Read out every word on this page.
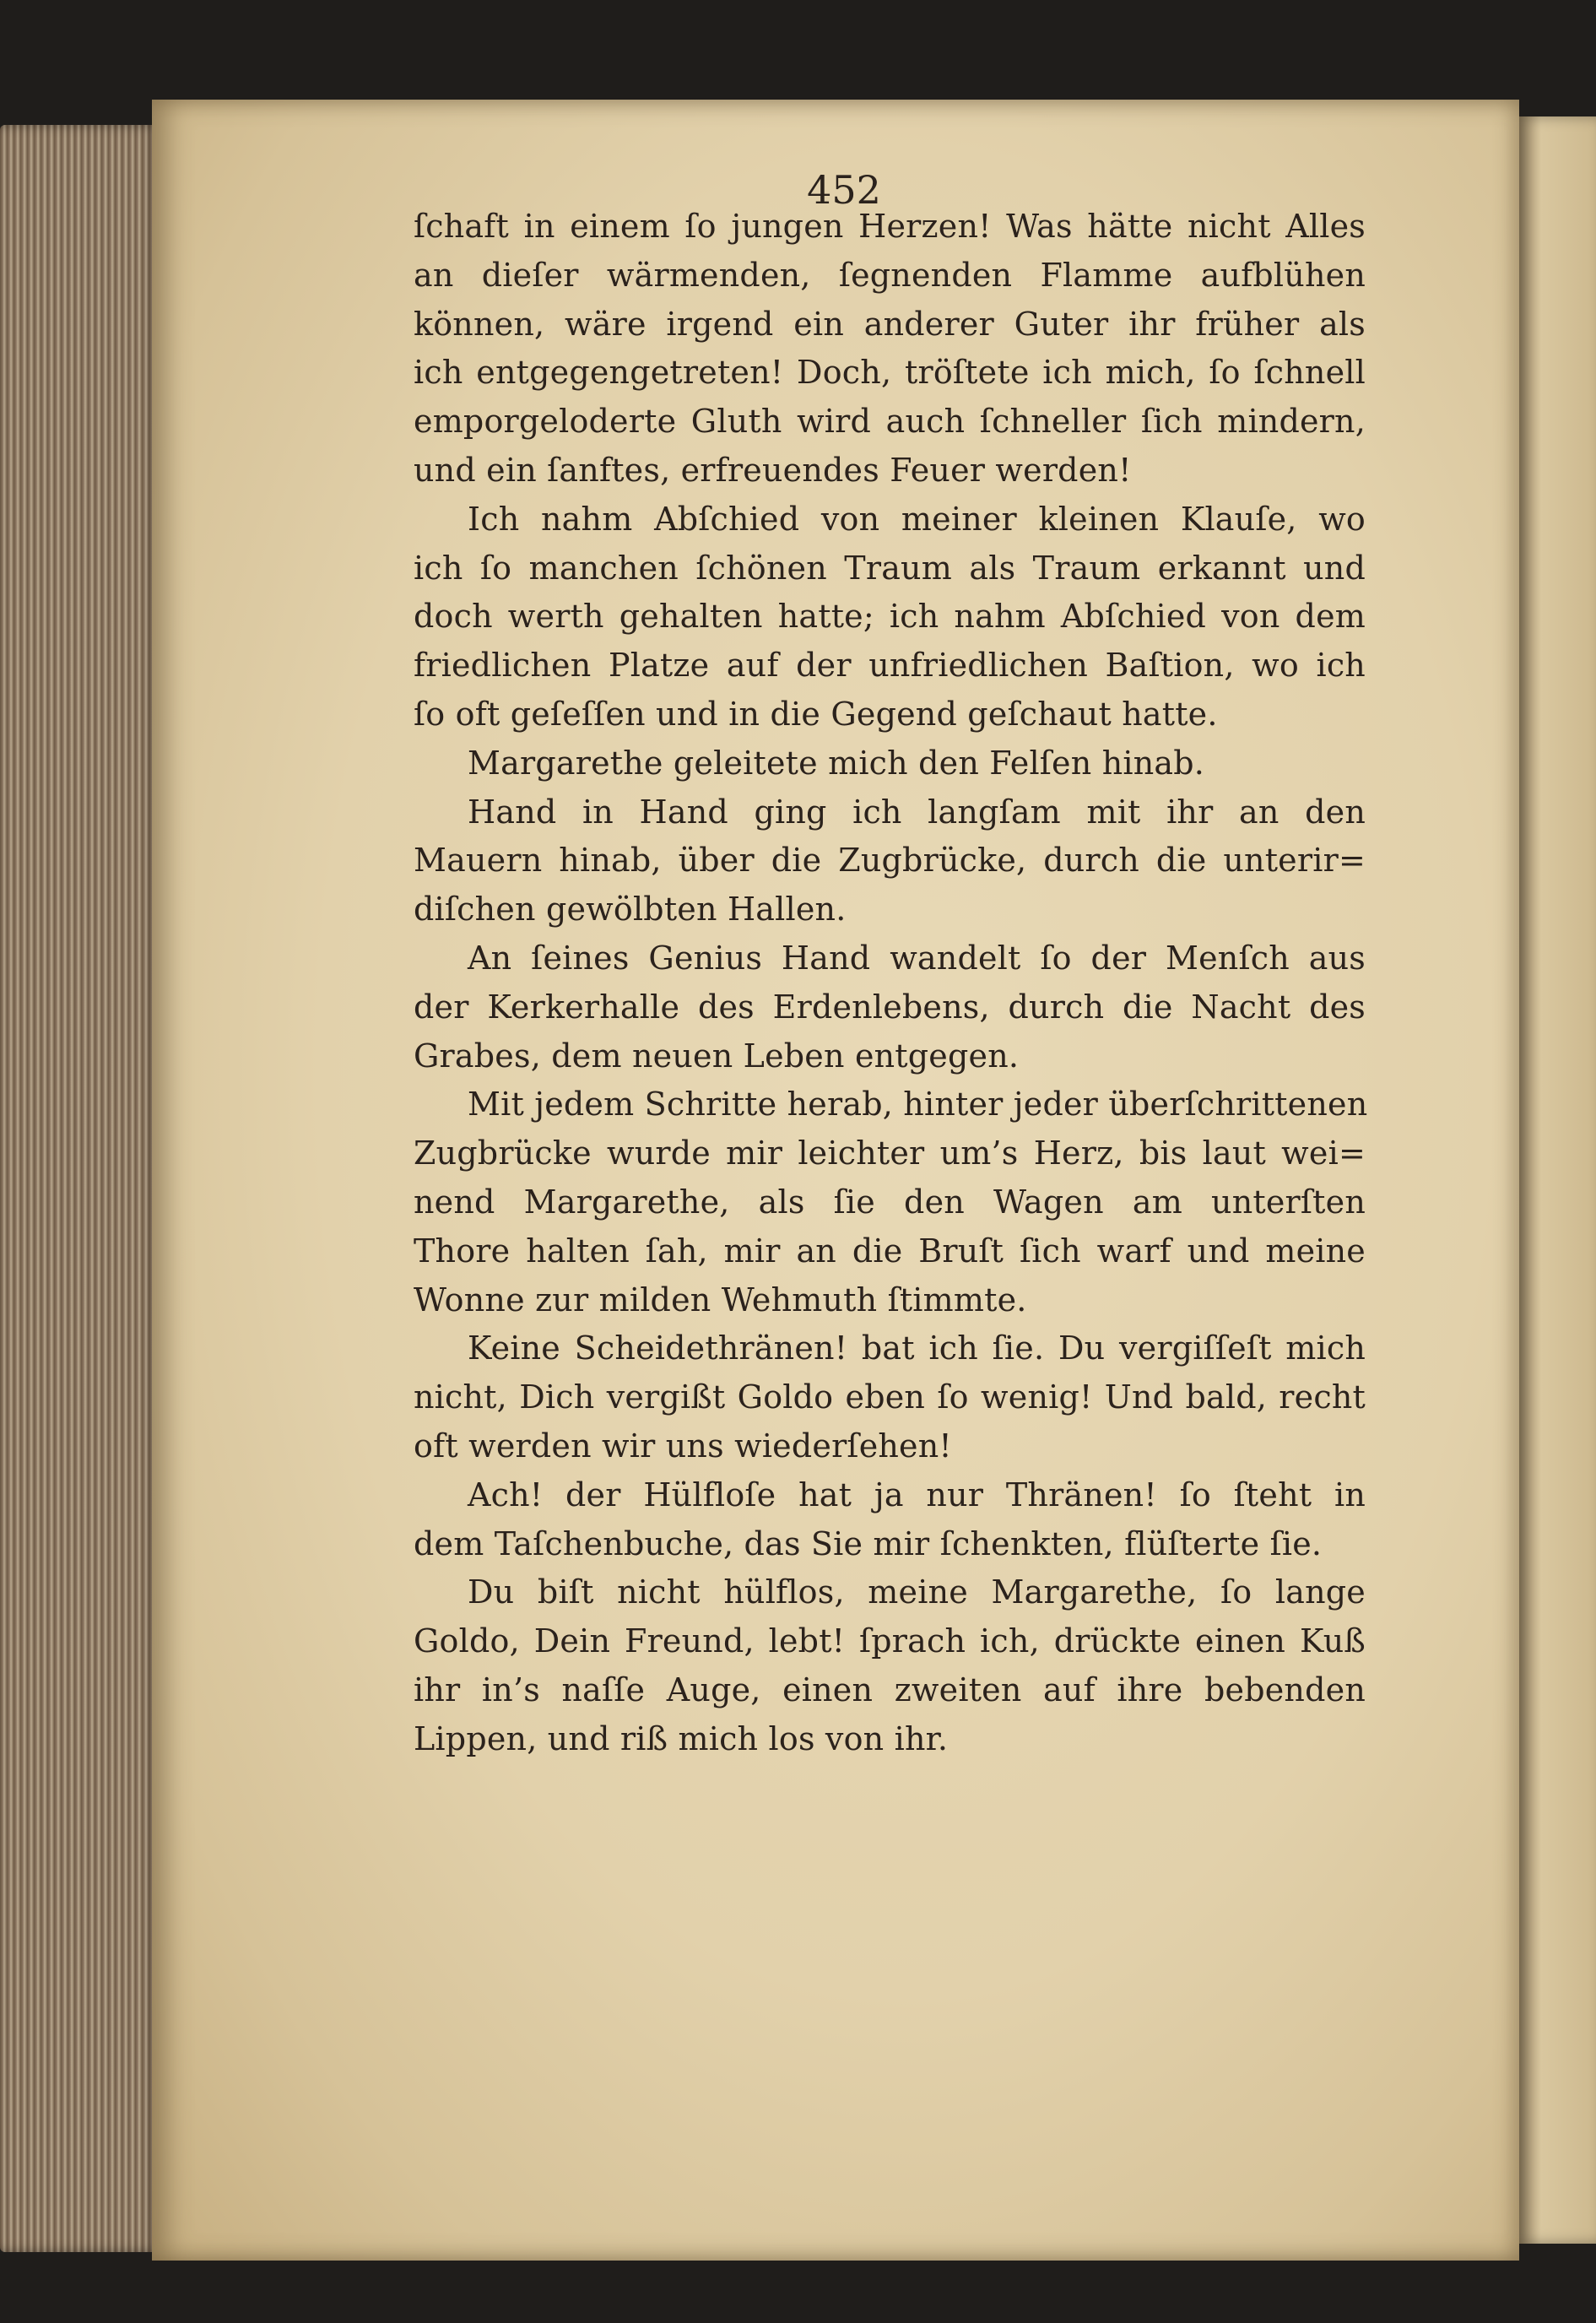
452
ſchaft in einem ſo jungen Herzen! Was hätte nicht Alles
an dieſer wärmenden, ſegnenden Flamme aufblühen
können, wäre irgend ein anderer Guter ihr früher als
ich entgegengetreten! Doch, tröſtete ich mich, ſo ſchnell
emporgeloderte Gluth wird auch ſchneller ſich mindern,
und ein ſanftes, erfreuendes Feuer werden!
Ich nahm Abſchied von meiner kleinen Klauſe, wo
ich ſo manchen ſchönen Traum als Traum erkannt und
doch werth gehalten hatte; ich nahm Abſchied von dem
friedlichen Platze auf der unfriedlichen Baſtion, wo ich
ſo oft geſeſſen und in die Gegend geſchaut hatte.
Margarethe geleitete mich den Felſen hinab.
Hand in Hand ging ich langſam mit ihr an den
Mauern hinab, über die Zugbrücke, durch die unterir=
diſchen gewölbten Hallen.
An ſeines Genius Hand wandelt ſo der Menſch aus
der Kerkerhalle des Erdenlebens, durch die Nacht des
Grabes, dem neuen Leben entgegen.
Mit jedem Schritte herab, hinter jeder überſchrittenen
Zugbrücke wurde mir leichter um’s Herz, bis laut wei=
nend Margarethe, als ſie den Wagen am unterſten
Thore halten ſah, mir an die Bruſt ſich warf und meine
Wonne zur milden Wehmuth ſtimmte.
Keine Scheidethränen! bat ich ſie. Du vergiſſeſt mich
nicht, Dich vergißt Goldo eben ſo wenig! Und bald, recht
oft werden wir uns wiederſehen!
Ach! der Hülfloſe hat ja nur Thränen! ſo ſteht in
dem Taſchenbuche, das Sie mir ſchenkten, flüſterte ſie.
Du biſt nicht hülflos, meine Margarethe, ſo lange
Goldo, Dein Freund, lebt! ſprach ich, drückte einen Kuß
ihr in’s naſſe Auge, einen zweiten auf ihre bebenden
Lippen, und riß mich los von ihr.
